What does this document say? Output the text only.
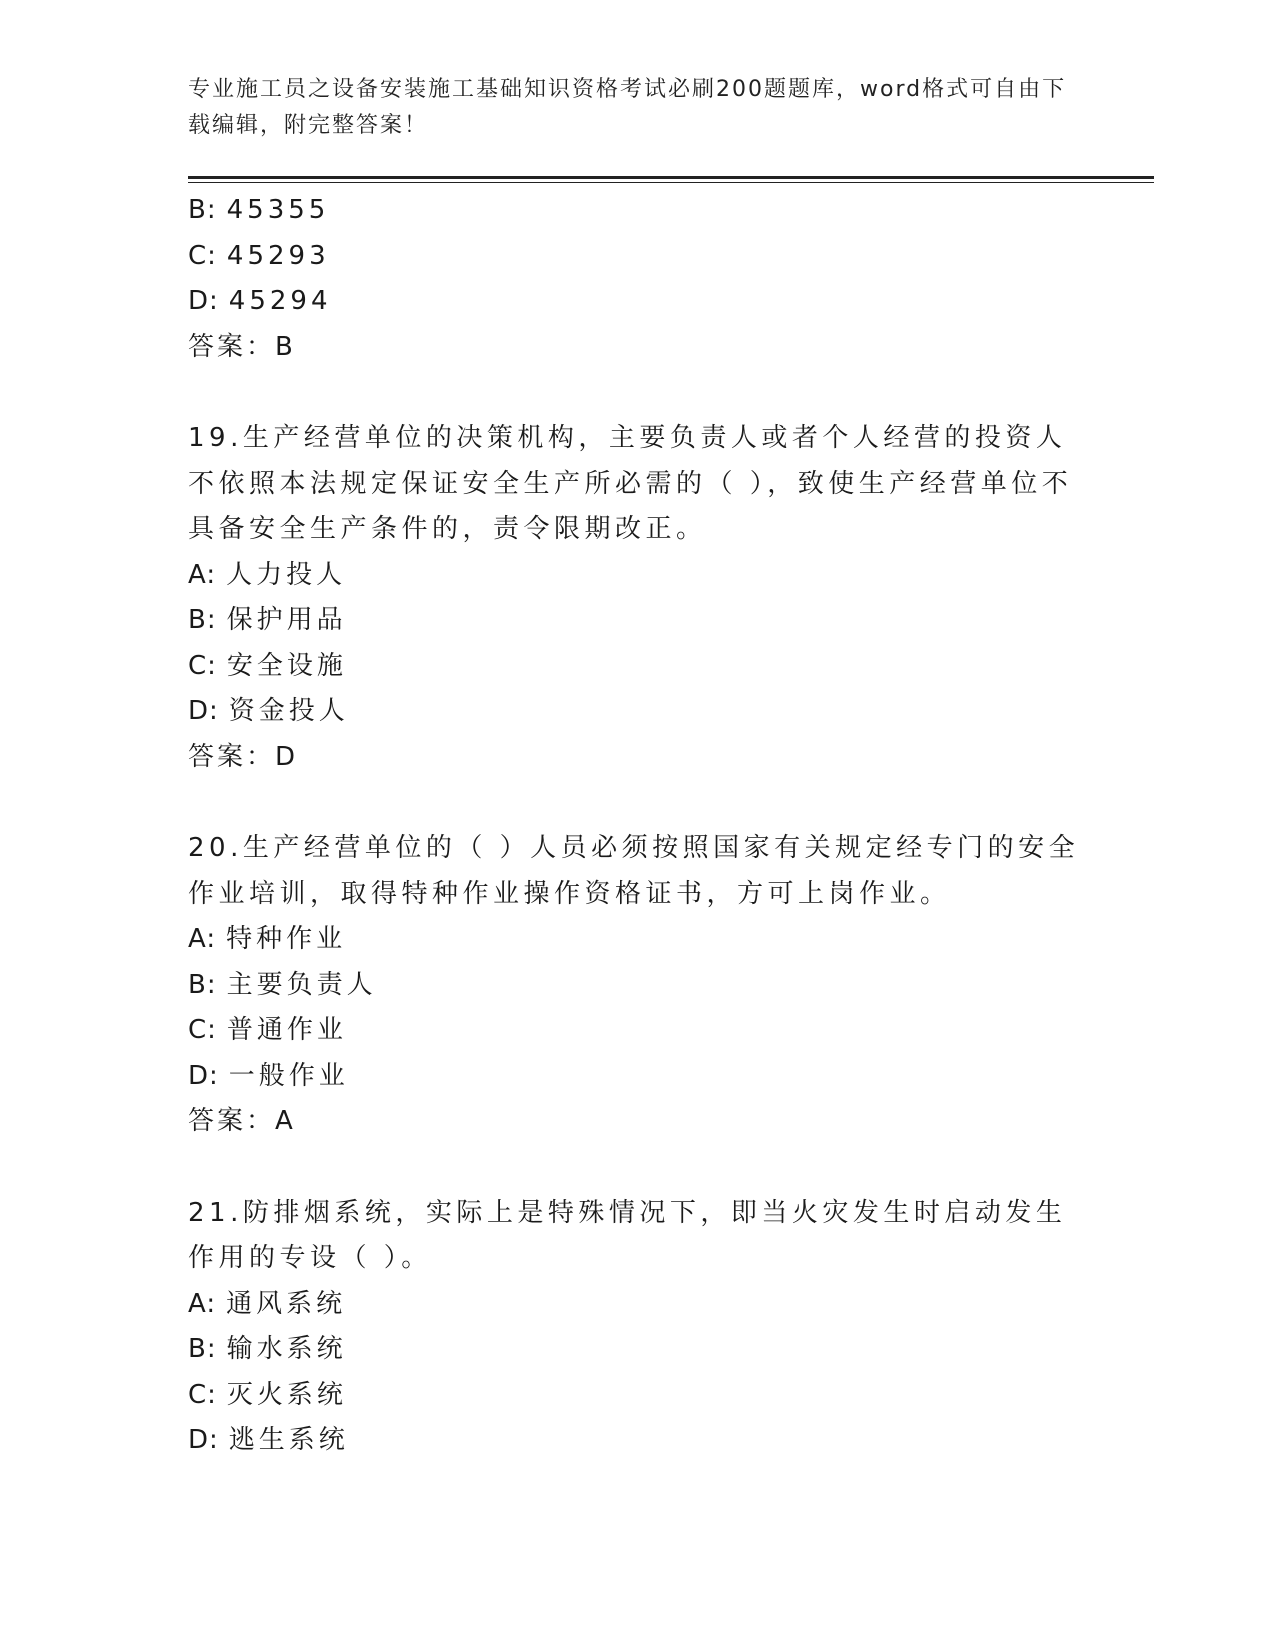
专业施工员之设备安装施工基础知识资格考试必刷200题题库，word格式可自由下载编辑，附完整答案！
B: 45355
C: 45293
D: 45294
答案：B
19.生产经营单位的决策机构，主要负责人或者个人经营的投资人不依照本法规定保证安全生产所必需的（ ），致使生产经营单位不具备安全生产条件的，责令限期改正。
A: 人力投人
B: 保护用品
C: 安全设施
D: 资金投人
答案：D
20.生产经营单位的（ ）人员必须按照国家有关规定经专门的安全作业培训，取得特种作业操作资格证书，方可上岗作业。
A: 特种作业
B: 主要负责人
C: 普通作业
D: 一般作业
答案：A
21.防排烟系统，实际上是特殊情况下，即当火灾发生时启动发生作用的专设（ ）。
A: 通风系统
B: 输水系统
C: 灭火系统
D: 逃生系统
